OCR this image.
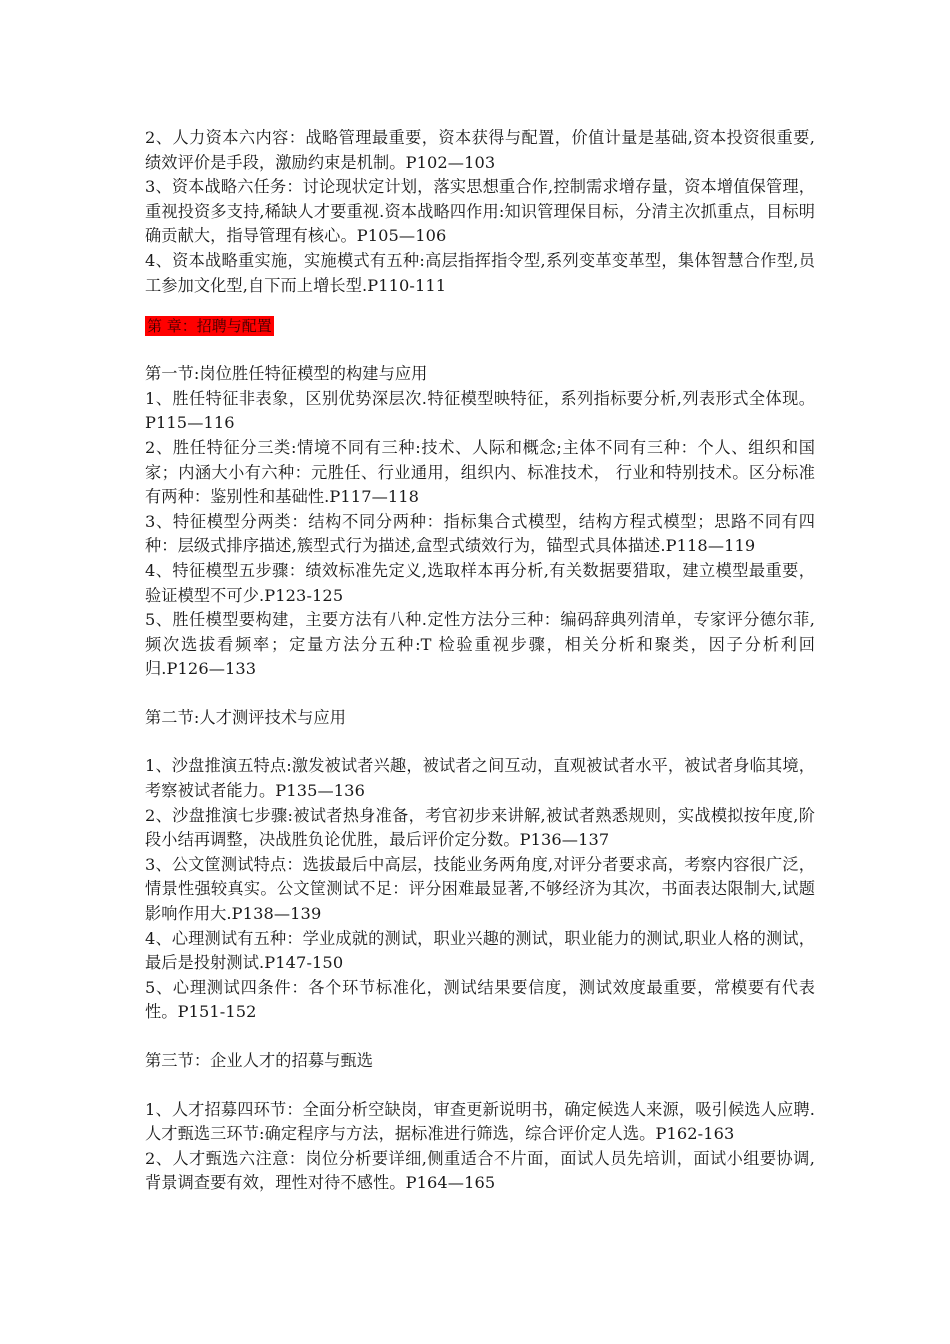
2、人力资本六内容：战略管理最重要，资本获得与配置，价值计量是基础,资本投资很重要,绩效评价是手段，激励约束是机制。P102—103

3、资本战略六任务：讨论现状定计划，落实思想重合作,控制需求增存量，资本增值保管理，重视投资多支持,稀缺人才要重视.资本战略四作用:知识管理保目标，分清主次抓重点，目标明确贡献大，指导管理有核心。P105—106

4、资本战略重实施，实施模式有五种:高层指挥指令型,系列变革变革型，集体智慧合作型,员工参加文化型,自下而上增长型.P110-111

第 章：招聘与配置

第一节:岗位胜任特征模型的构建与应用

1、胜任特征非表象，区别优势深层次.特征模型映特征，系列指标要分析,列表形式全体现。P115—116

2、胜任特征分三类:情境不同有三种:技术、人际和概念;主体不同有三种：个人、组织和国家；内涵大小有六种：元胜任、行业通用，组织内、标准技术， 行业和特别技术。区分标准有两种：鉴别性和基础性.P117—118

3、特征模型分两类：结构不同分两种：指标集合式模型，结构方程式模型；思路不同有四种：层级式排序描述,簇型式行为描述,盒型式绩效行为，锚型式具体描述.P118—119

4、特征模型五步骤：绩效标准先定义,选取样本再分析,有关数据要猎取，建立模型最重要，验证模型不可少.P123-125

5、胜任模型要构建，主要方法有八种.定性方法分三种：编码辞典列清单，专家评分德尔菲,频次选拔看频率；定量方法分五种:T 检验重视步骤，相关分析和聚类，因子分析利回归.P126—133

第二节:人才测评技术与应用

1、沙盘推演五特点:激发被试者兴趣，被试者之间互动，直观被试者水平，被试者身临其境，考察被试者能力。P135—136

2、沙盘推演七步骤:被试者热身准备，考官初步来讲解,被试者熟悉规则，实战模拟按年度,阶段小结再调整，决战胜负论优胜，最后评价定分数。P136—137

3、公文筐测试特点：选拔最后中高层，技能业务两角度,对评分者要求高，考察内容很广泛，情景性强较真实。公文筐测试不足：评分困难最显著,不够经济为其次，书面表达限制大,试题影响作用大.P138—139

4、心理测试有五种：学业成就的测试，职业兴趣的测试，职业能力的测试,职业人格的测试，最后是投射测试.P147-150

5、心理测试四条件：各个环节标准化，测试结果要信度，测试效度最重要，常模要有代表性。P151-152

第三节：企业人才的招募与甄选

1、人才招募四环节：全面分析空缺岗，审查更新说明书，确定候选人来源，吸引候选人应聘.人才甄选三环节:确定程序与方法，据标准进行筛选，综合评价定人选。P162-163

2、人才甄选六注意：岗位分析要详细,侧重适合不片面，面试人员先培训，面试小组要协调,背景调查要有效，理性对待不感性。P164—165
